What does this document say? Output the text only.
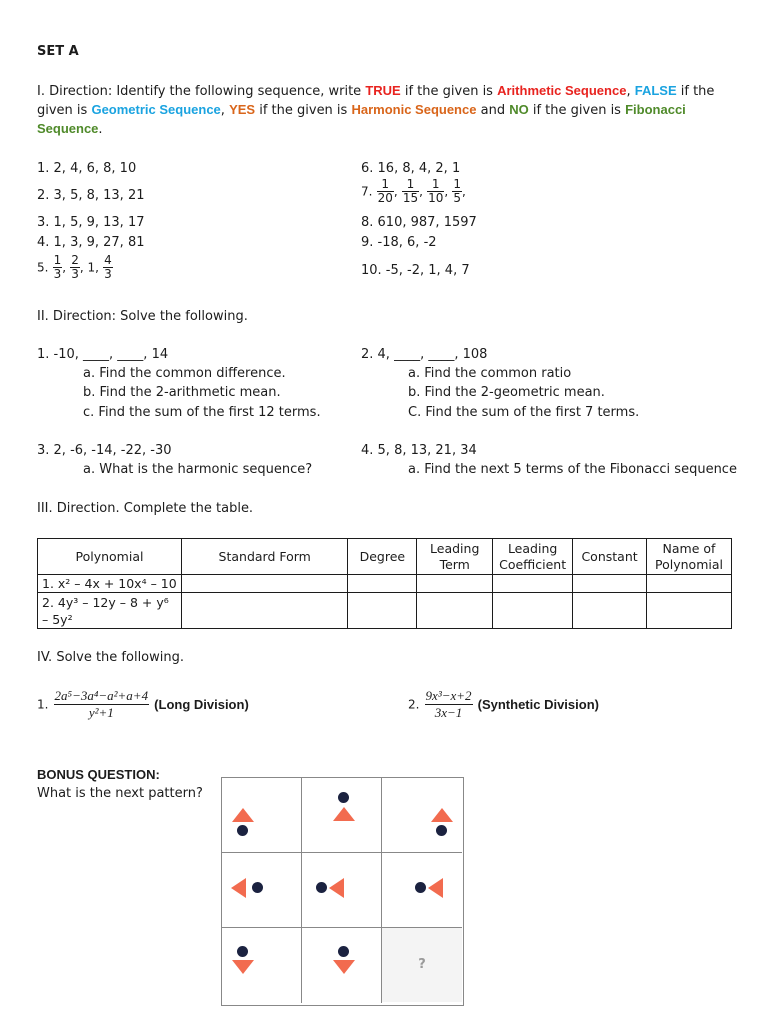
SET A
I. Direction: Identify the following sequence, write TRUE if the given is Arithmetic Sequence, FALSE if the
given is Geometric Sequence, YES if the given is Harmonic Sequence and NO if the given is Fibonacci
Sequence.
1. 2, 4, 6, 8, 10
2. 3, 5, 8, 13, 21
3. 1, 5, 9, 13, 17
4. 1, 3, 9, 27, 81
5. $\frac{1}{3}$ , $\frac{2}{3}$ , 1, $\frac{4}{3}$
6. 16, 8, 4, 2, 1
7. $\frac{1}{20}$ , $\frac{1}{15}$ , $\frac{1}{10}$ , $\frac{1}{5}$ ,
8. 610, 987, 1597
9. -18, 6, -2
10. -5, -2, 1, 4, 7
II. Direction: Solve the following.
1. -10, ____, ____, 14
a. Find the common difference.
b. Find the 2-arithmetic mean.
c. Find the sum of the first 12 terms.
2. 4, ____, ____, 108
a. Find the common ratio
b. Find the 2-geometric mean.
C. Find the sum of the first 7 terms.
3. 2, -6, -14, -22, -30
a. What is the harmonic sequence?
4. 5, 8, 13, 21, 34
a. Find the next 5 terms of the Fibonacci sequence
III. Direction. Complete the table.
Polynomial	Standard Form	Degree	Leading Term	Leading Coefficient	Constant	Name of Polynomial
1. x² – 4x + 10x⁴ – 10						

2. 4y³ – 12y – 8 + y⁶
– 5y²						

IV. Solve the following.
1. $\frac{\text{2a⁵−3a⁴−a²+a+4}}{\text{y²+1}}$ (Long Division)	2. $\frac{\text{9x³−x+2}}{3x-1}$ (Synthetic Division)
BONUS QUESTION:
What is the next pattern?
?
